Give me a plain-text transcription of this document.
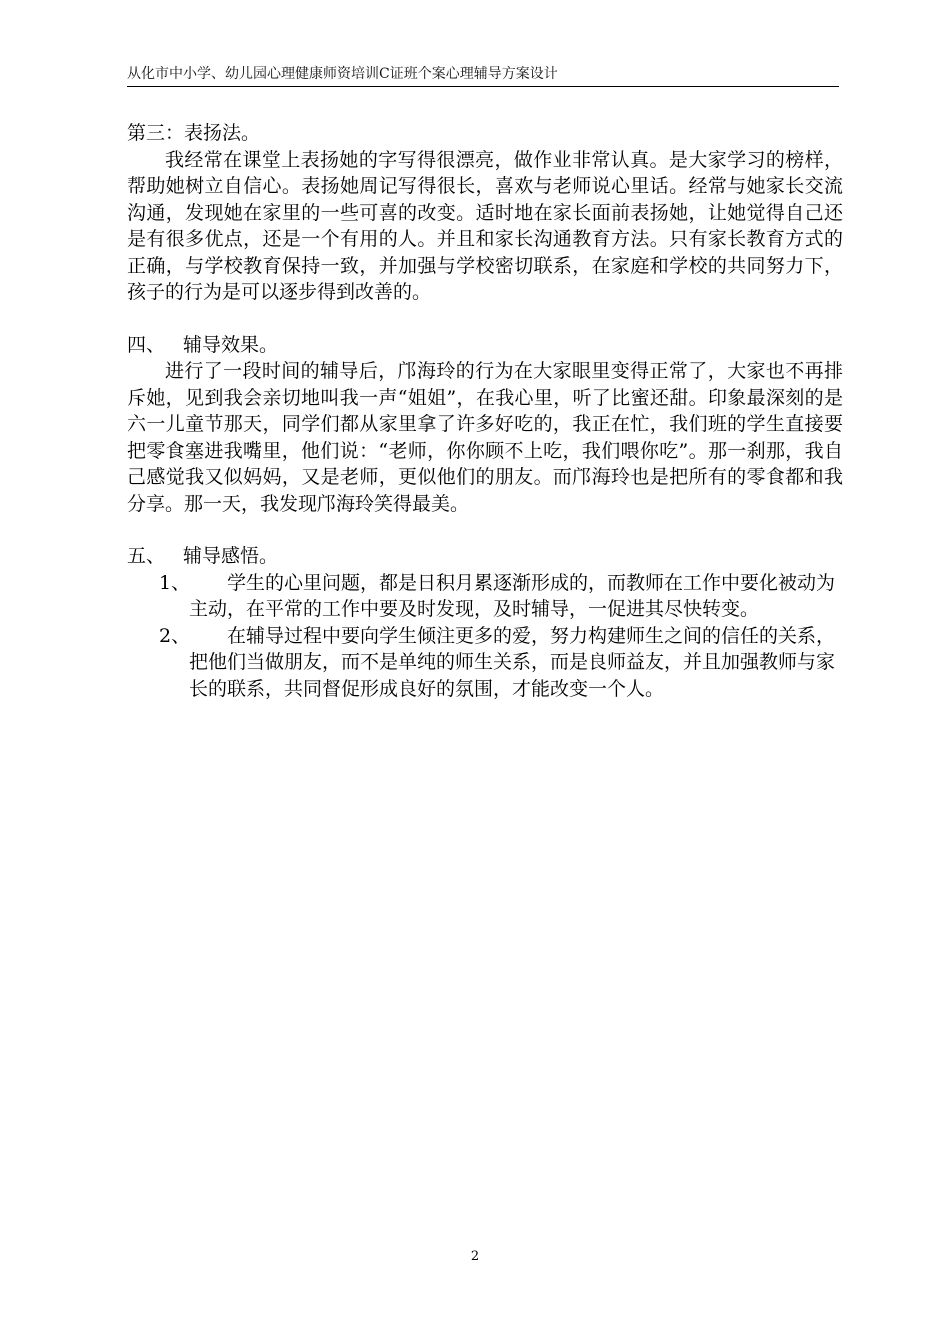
从化市中小学、幼儿园心理健康师资培训C证班个案心理辅导方案设计

第三：表扬法。

我经常在课堂上表扬她的字写得很漂亮，做作业非常认真。是大家学习的榜样，帮助她树立自信心。表扬她周记写得很长，喜欢与老师说心里话。经常与她家长交流沟通，发现她在家里的一些可喜的改变。适时地在家长面前表扬她，让她觉得自己还是有很多优点，还是一个有用的人。并且和家长沟通教育方法。只有家长教育方式的正确，与学校教育保持一致，并加强与学校密切联系，在家庭和学校的共同努力下，孩子的行为是可以逐步得到改善的。

四、 辅导效果。

进行了一段时间的辅导后，邝海玲的行为在大家眼里变得正常了，大家也不再排斥她，见到我会亲切地叫我一声“姐姐”，在我心里，听了比蜜还甜。印象最深刻的是六一儿童节那天，同学们都从家里拿了许多好吃的，我正在忙，我们班的学生直接要把零食塞进我嘴里，他们说：“老师，你你顾不上吃，我们喂你吃”。那一刹那，我自己感觉我又似妈妈，又是老师，更似他们的朋友。而邝海玲也是把所有的零食都和我分享。那一天，我发现邝海玲笑得最美。

五、 辅导感悟。

1、	学生的心里问题，都是日积月累逐渐形成的，而教师在工作中要化被动为主动，在平常的工作中要及时发现，及时辅导，一促进其尽快转变。
2、	在辅导过程中要向学生倾注更多的爱，努力构建师生之间的信任的关系，把他们当做朋友，而不是单纯的师生关系，而是良师益友，并且加强教师与家长的联系，共同督促形成良好的氛围，才能改变一个人。
2
